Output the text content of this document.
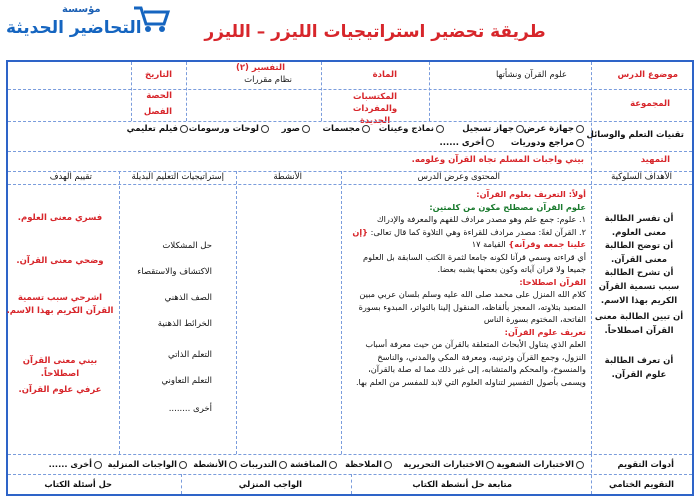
مؤسسة
التحاضير الحديثة	طريقة تحضير استراتيجيات الليزر – الليزر
موضوع الدرس
علوم القرآن ونشأتها
المادة
التفسير (٢)
نظام مقررات
التاريخ
المجموعة
المكتسبات والمفردات الجديدة
الحصة
الفصل
تقنيات التعلم والوسائل
جهازة عرض
جهاز تسجيل
نماذج وعينات
مجسمات
صور
لوحات ورسومات
فيلم تعليمي
مراجع ودوريات
أخرى ......
التمهيد
بيني واجبات المسلم تجاه القرآن وعلومه.
الأهداف السلوكية
المحتوى وعرض الدرس
الأنشطة
إستراتيجيات التعليم البديلة
تقييم الهدف

أن تفسر الطالبة معنى العلوم.

أن توضح الطالبة معنى القرآن.

أن تشرح الطالبة سبب تسمية القرآن الكريم بهذا الاسم.

أن تبين الطالبة معنى القرآن اصطلاحاً.

أن تعرف الطالبة علوم القرآن.

أولاً: التعريف بعلوم القرآن:
علوم القرآن مصطلح مكون من كلمتين:
١. علوم: جمع علم وهو مصدر مرادف للفهم والمعرفة والإدراك
٢. القرآن لغةً: مصدر مرادف للقراءة وهي التلاوة كما قال تعالى: {إن علينا جمعه وقرآنه} القيامة ١٧
أي قراءته وسمي قرآنا لكونه جامعا لثمرة الكتب السابقة بل العلوم جميعا ولا قران آياته وكون بعضها يشبه بعضا.
القرآن اصطلاحا:
كلام الله المنزل على محمد صلى الله عليه وسلم بلسان عربي مبين المتعبد بتلاوته، المعجز بألفاظه، المنقول إلينا بالتواتر، المبدوء بسورة الفاتحة، المختوم بسورة الناس
تعريف علوم القرآن:
العلم الذي يتناول الأبحاث المتعلقة بالقرآن من حيث معرفة أسباب النزول، وجمع القرآن وترتيبه، ومعرفة المكي والمدني، والناسخ والمنسوخ، والمحكم والمتشابه، إلى غير ذلك مما له صلة بالقرآن، ويسمى بأصول التفسير لتناوله العلوم التي لابد للمفسر من العلم بها.
حل المشكلات
الاكتشاف والاستقصاء
الصف الذهني
الخرائط الذهنية
التعلم الذاتي
التعلم التعاوني
أخرى ........

فسري معنى العلوم.

وضحي معنى القرآن.

اشرحي سبب تسمية القرآن الكريم بهذا الاسم.

بيني معنى القرآن اصطلاحاً.

عرفي علوم القرآن.

أدوات التقويم
الاختبارات الشفوية
الاختبارات التحريرية
الملاحظة
المناقشة
التدريبات
الأنشطة
الواجبات المنزلية
أخرى ......
التقويم الختامي
متابعة حل أنشطة الكتاب
الواجب المنزلي
حل أسئلة الكتاب
